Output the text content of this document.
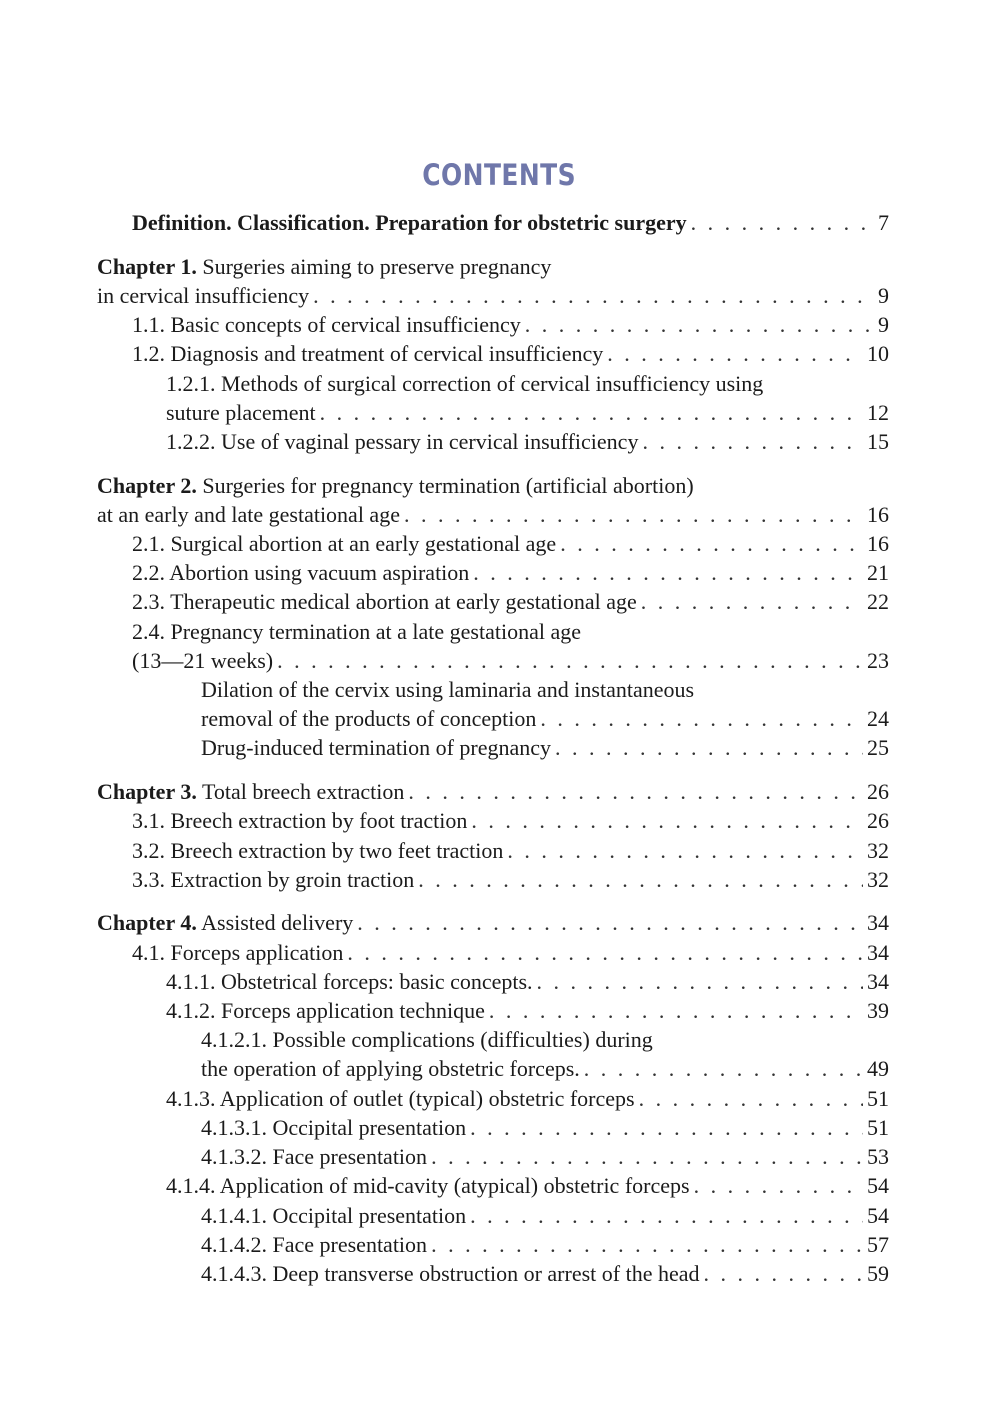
CONTENTS
Definition. Classification. Preparation for obstetric surgery . . .	7
Chapter 1. Surgeries aiming to preserve pregnancy
in cervical insufficiency . . .	9
1.1. Basic concepts of cervical insufficiency . . .	9
1.2. Diagnosis and treatment of cervical insufficiency . . .	10
1.2.1. Methods of surgical correction of cervical insufficiency using
suture placement . . .	12
1.2.2. Use of vaginal pessary in cervical insufficiency . . .	15
Chapter 2. Surgeries for pregnancy termination (artificial abortion)
at an early and late gestational age . . .	16
2.1. Surgical abortion at an early gestational age . . .	16
2.2. Abortion using vacuum aspiration . . .	21
2.3. Therapeutic medical abortion at early gestational age . . .	22
2.4. Pregnancy termination at a late gestational age
(13—21 weeks) . . .	23
Dilation of the cervix using laminaria and instantaneous
removal of the products of conception . . .	24
Drug-induced termination of pregnancy . . .	25
Chapter 3. Total breech extraction . . .	26
3.1. Breech extraction by foot traction . . .	26
3.2. Breech extraction by two feet traction . . .	32
3.3. Extraction by groin traction . . .	32
Chapter 4. Assisted delivery . . .	34
4.1. Forceps application . . .	34
4.1.1. Obstetrical forceps: basic concepts. . . .	34
4.1.2. Forceps application technique . . .	39
4.1.2.1. Possible complications (difficulties) during
the operation of applying obstetric forceps. . . .	49
4.1.3. Application of outlet (typical) obstetric forceps . . .	51
4.1.3.1. Occipital presentation . . .	51
4.1.3.2. Face presentation . . .	53
4.1.4. Application of mid-cavity (atypical) obstetric forceps . . .	54
4.1.4.1. Occipital presentation . . .	54
4.1.4.2. Face presentation . . .	57
4.1.4.3. Deep transverse obstruction or arrest of the head . . .	59
